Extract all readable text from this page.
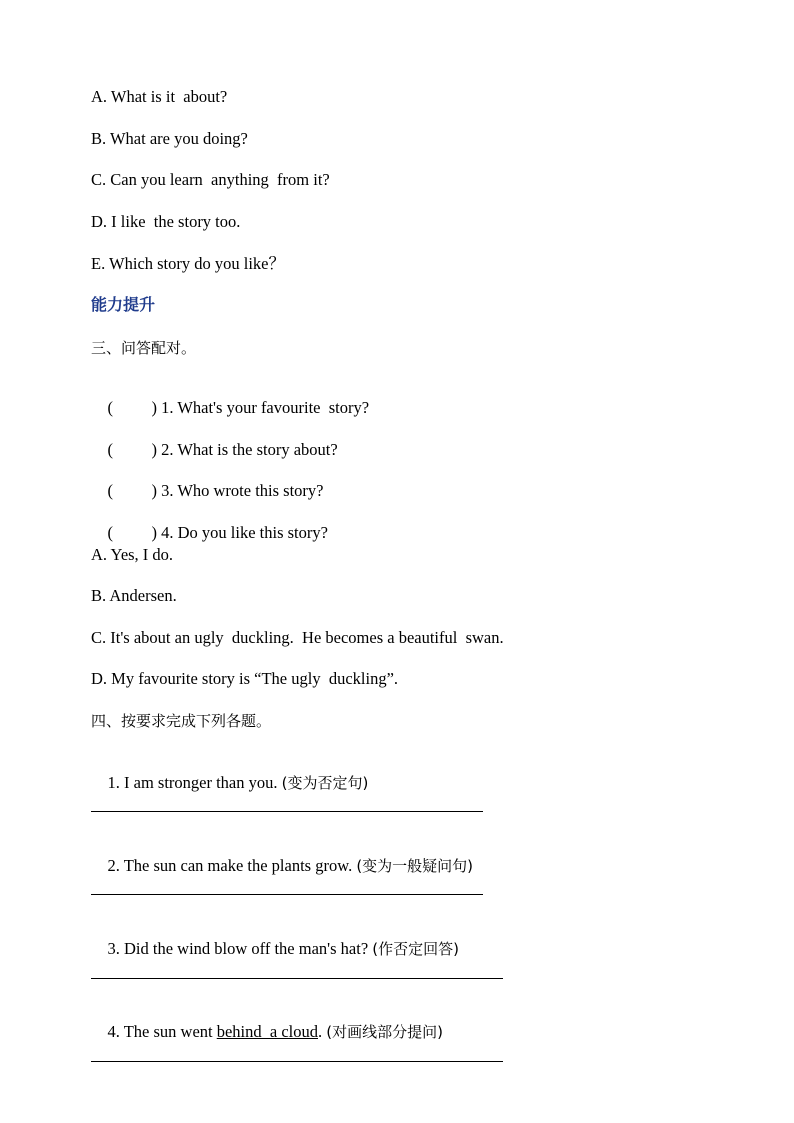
A. What is it  about?
B. What are you doing?
C. Can you learn  anything  from it?
D. I like  the story too.
E. Which story do you like？
能力提升
三、问答配对。

( ) 1. What's your favourite  story?

( ) 2. What is the story about?

( ) 3. Who wrote this story?

( ) 4. Do you like this story?

A. Yes, I do.
B. Andersen.
C. It's about an ugly  duckling.  He becomes a beautiful  swan.
D. My favourite story is “The ugly  duckling”.
四、按要求完成下列各题。

1. I am stronger than you. (变为否定句)

2. The sun can make the plants grow. (变为一般疑问句)

3. Did the wind blow off the man's hat? (作否定回答)

4. The sun went behind  a cloud. (对画线部分提问)
